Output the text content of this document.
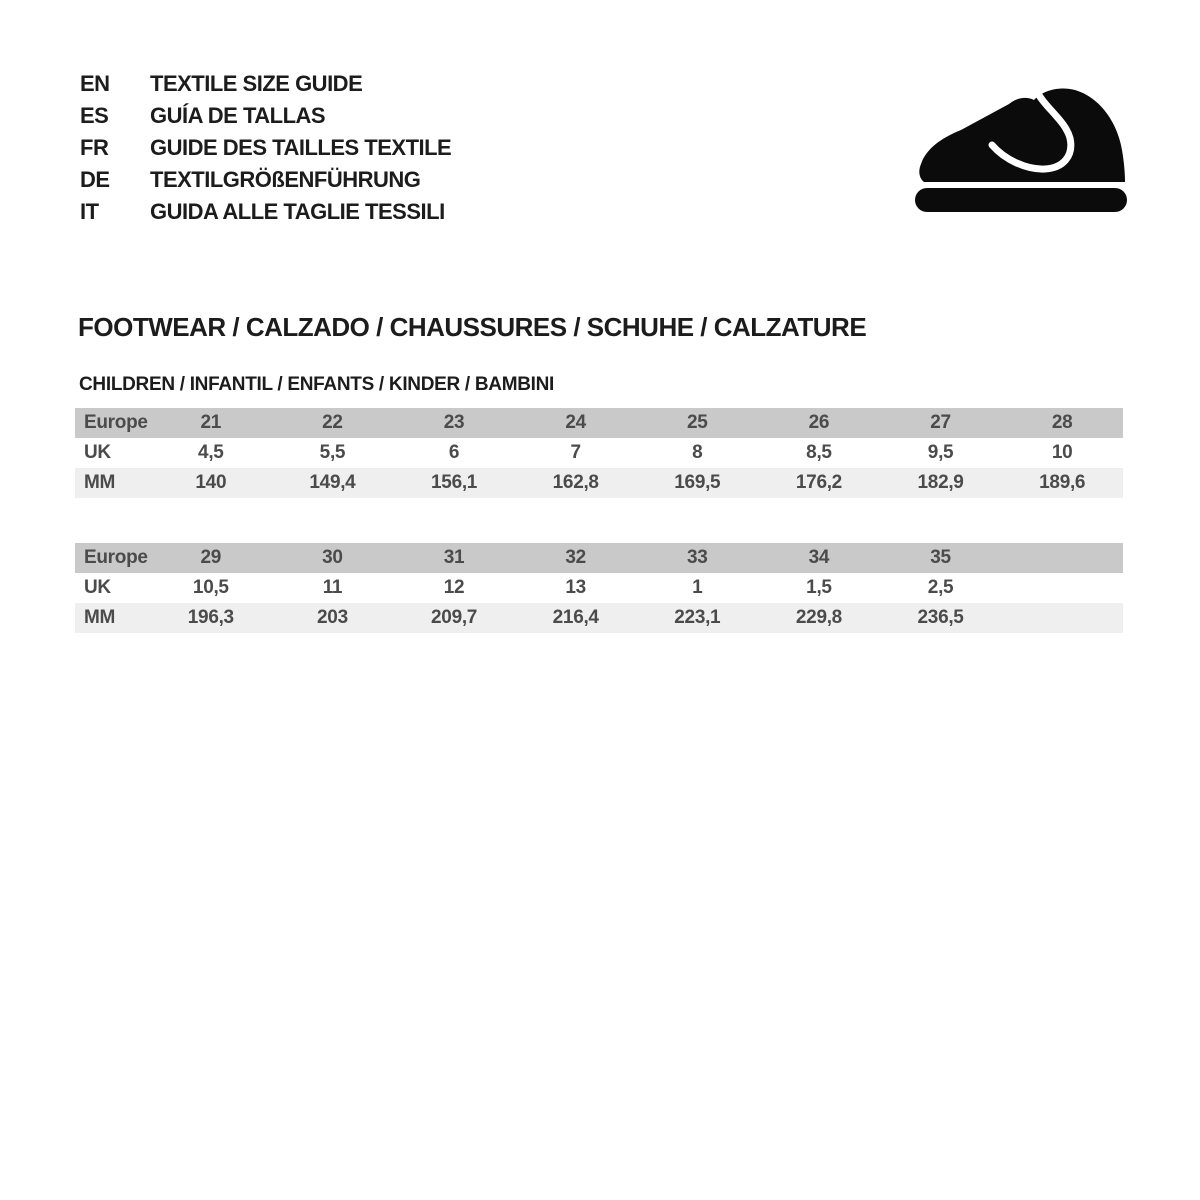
EN	TEXTILE SIZE GUIDE
ES	GUÍA DE TALLAS
FR	GUIDE DES TAILLES TEXTILE
DE	TEXTILGRÖßENFÜHRUNG
IT	GUIDA ALLE TAGLIE TESSILI
FOOTWEAR / CALZADO / CHAUSSURES / SCHUHE / CALZATURE
CHILDREN / INFANTIL / ENFANTS / KINDER / BAMBINI
Europe	21	22	23	24	25	26	27	28
UK	4,5	5,5	6	7	8	8,5	9,5	10
MM	140	149,4	156,1	162,8	169,5	176,2	182,9	189,6
Europe	29	30	31	32	33	34	35	
UK	10,5	11	12	13	1	1,5	2,5	
MM	196,3	203	209,7	216,4	223,1	229,8	236,5	
